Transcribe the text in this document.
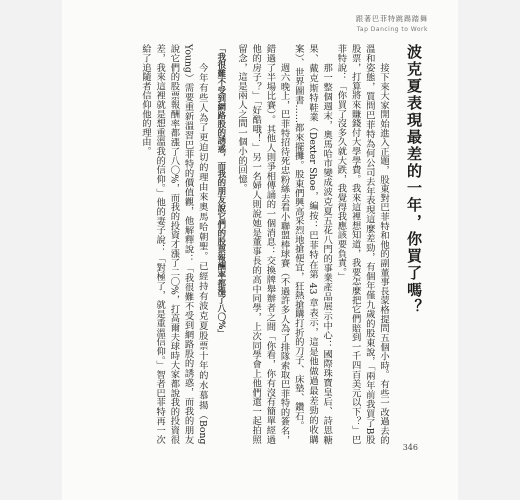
跟著巴菲特跳踢踏舞
Tap Dancing to Work
波克夏表現最差的一年，你買了嗎？

接下來大家開始進入正題，股東對巴菲特和他的副董事長蒙格提問五個小時。有些一改過去的溫和姿態，質問巴菲特為何公司去年表現這麼差勁，有個年僅九歲的股東說，「兩年前我買了B股股票，打算將來賺錢付大學學費。我來這裡想知道，我要怎麼把它們賠到一千四百美元以下？」巴菲特說：「你買了沒多久就大跌，我覺得我應該要負責。」

那一整個週末，奧馬哈市變成波克夏五花八門的事業產品展示中心：國際珠寶皇后、詩思糖果、戴克斯特鞋業（Dexter Shoe，編按：巴菲特在第 43 章表示，這是他做過最差勁的收購案）、世界圖書……都來擺攤。股東們興高采烈地搶便宜，狂熱搶購打折的刀子、床墊、鑽石。

週六晚上，巴菲特招待死忠粉絲去看小聯盟棒球賽（不過許多人為了排隊索取巴菲特的簽名，錯過了半場比賽）。其他人則爭相傳誦的一個消息：交換牌舉辦者之間「你看，你有沒有簡單經過他的房子？」「好酷哦！」另一名婦人則說她是董事長的高中同學，上次同學會上他們還一起拍照留念，這是兩人之間一個小的回憶。

「我很難不受到網路股的誘惑，而我的朋友說它們的股票報酬率都漲了八〇%」

今年有些人為了更迫切的理由來奧馬哈朝聖。已經持有波克夏股票十年的水慕揚（Bong Young）需要重新溫習巴菲特的價值觀，他解釋說：「我很難不受到網路股的誘惑，而我的朋友說它們的股票報酬率都漲了八〇%，而我的投資才漲了二〇%，打高爾夫球時大家都說我的投資很差，我來這裡就是想重溫我的信仰。」他的妻子說：「對極了，就是重溫信仰。」智者巴菲特再一次給了追隨者信仰他的理由。

346
